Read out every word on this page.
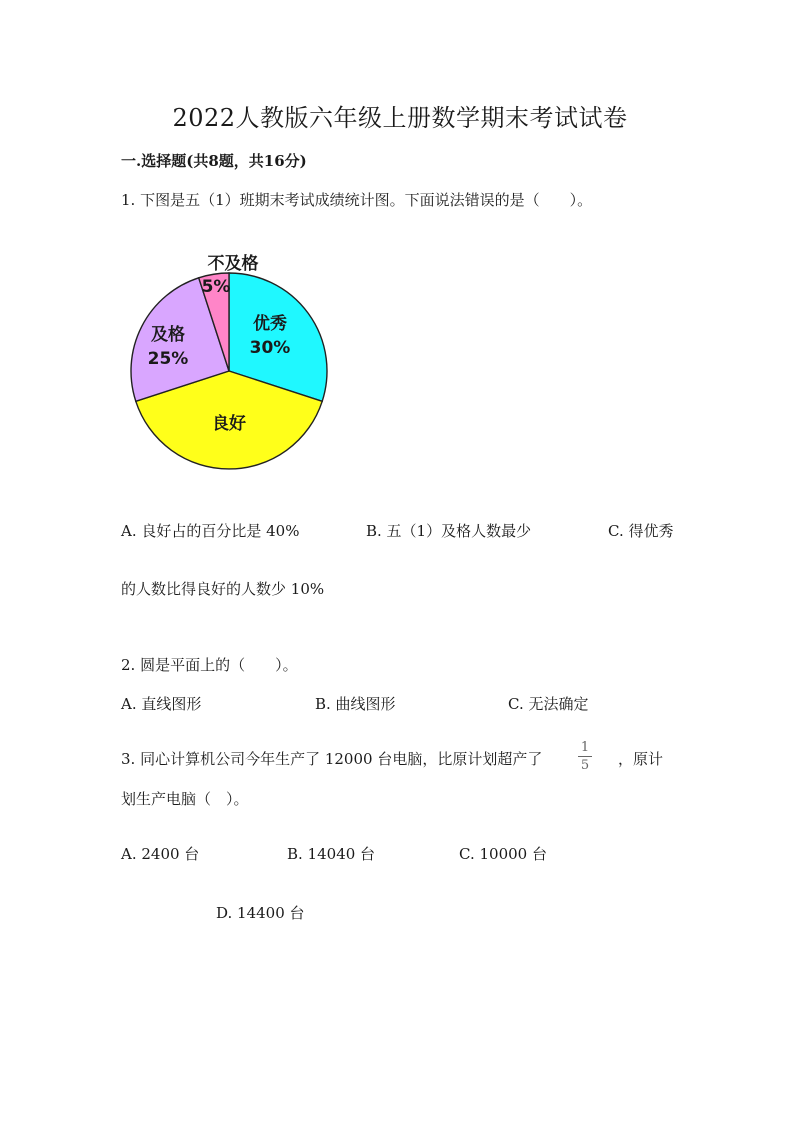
2022人教版六年级上册数学期末考试试卷
一.选择题(共8题，共16分)
1. 下图是五（1）班期末考试成绩统计图。下面说法错误的是（　　）。
不及格
5%
优秀
30%
及格
25%
良好
A. 良好占的百分比是 40%	B. 五（1）及格人数最少	C. 得优秀
的人数比得良好的人数少 10%
2. 圆是平面上的（　　）。
A. 直线图形	B. 曲线图形	C. 无法确定
3. 同心计算机公司今年生产了 12000 台电脑，比原计划超产了
1
5 ，原计
划生产电脑（　）。
A. 2400 台	B. 14040 台	C. 10000 台
D. 14400 台
